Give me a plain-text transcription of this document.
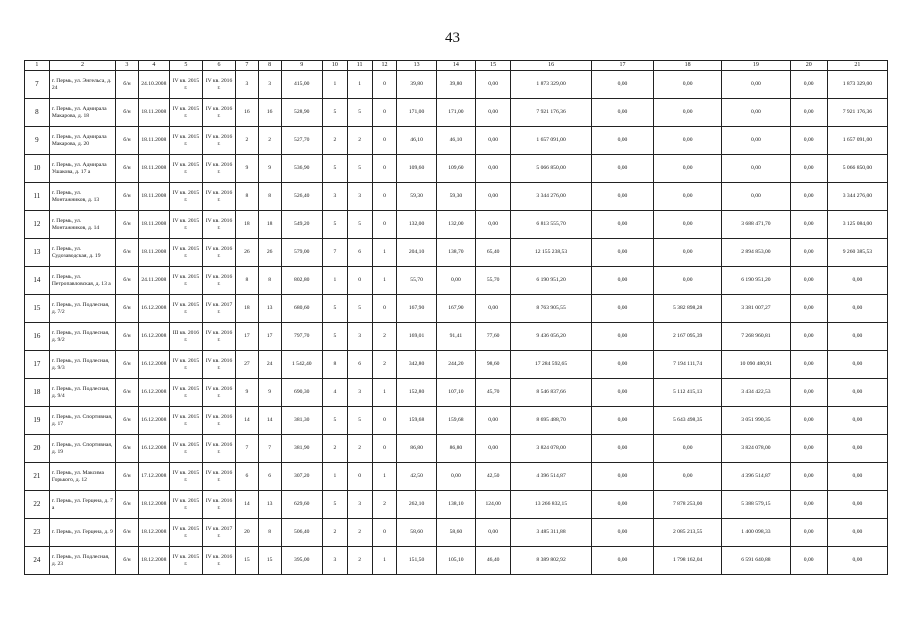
43
1	2	3	4	5	6	7	8	9	10	11	12	13	14	15	16	17	18	19	20	21
7	г. Пермь, ул. Энгельса, д. 24	б/н	24.10.2008	IV кв. 2015 г.	IV кв. 2016 г.	3	3	415,00	1	1	0	39,80	39,80	0,00	1 873 329,00	0,00	0,00	0,00	0,00	1 873 329,00
8	г. Пермь, ул. Адмирала Макарова, д. 18	б/н	18.11.2008	IV кв. 2015 г.	IV кв. 2016 г.	16	16	528,90	5	5	0	171,00	171,00	0,00	7 921 176,36	0,00	0,00	0,00	0,00	7 921 176,36
9	г. Пермь, ул. Адмирала Макарова, д. 20	б/н	18.11.2008	IV кв. 2015 г.	IV кв. 2016 г.	2	2	527,70	2	2	0	46,10	46,10	0,00	1 657 091,00	0,00	0,00	0,00	0,00	1 657 091,00
10	г. Пермь, ул. Адмирала Ушакова, д. 17 а	б/н	18.11.2008	IV кв. 2015 г.	IV кв. 2016 г.	9	9	536,90	5	5	0	109,60	109,60	0,00	5 066 850,00	0,00	0,00	0,00	0,00	5 066 850,00
11	г. Пермь, ул. Монтажников, д. 13	б/н	18.11.2008	IV кв. 2015 г.	IV кв. 2016 г.	8	8	526,40	3	3	0	59,30	59,30	0,00	3 344 276,00	0,00	0,00	0,00	0,00	3 344 276,00
12	г. Пермь, ул. Монтажников, д. 14	б/н	18.11.2008	IV кв. 2015 г.	IV кв. 2016 г.	18	18	549,20	5	5	0	132,00	132,00	0,00	6 813 555,70	0,00	0,00	3 688 471,70	0,00	3 125 084,00
13	г. Пермь, ул. Судозаводская, д. 19	б/н	18.11.2008	IV кв. 2015 г.	IV кв. 2016 г.	26	26	579,00	7	6	1	204,10	138,70	65,40	12 155 238,53	0,00	0,00	2 894 853,00	0,00	9 260 385,53
14	г. Пермь, ул. Петропавловская, д. 13 а	б/н	24.11.2008	IV кв. 2015 г.	IV кв. 2016 г.	8	8	802,80	1	0	1	55,70	0,00	55,70	6 190 951,20	0,00	0,00	6 190 951,20	0,00	0,00
15	г. Пермь, ул. Подлесная, д. 7/2	б/н	16.12.2008	IV кв. 2015 г.	IV кв. 2017 г.	18	13	680,60	5	5	0	167,90	167,90	0,00	8 763 905,55	0,00	5 382 898,28	3 381 007,27	0,00	0,00
16	г. Пермь, ул. Подлесная, д. 9/2	б/н	16.12.2008	III кв. 2016 г.	IV кв. 2016 г.	17	17	797,70	5	3	2	169,01	91,41	77,60	9 436 056,20	0,00	2 167 095,39	7 268 960,81	0,00	0,00
17	г. Пермь, ул. Подлесная, д. 9/3	б/н	16.12.2008	IV кв. 2015 г.	IV кв. 2016 г.	27	24	1 542,40	8	6	2	342,80	244,20	98,60	17 284 592,65	0,00	7 194 111,74	10 090 480,91	0,00	0,00
18	г. Пермь, ул. Подлесная, д. 9/4	б/н	16.12.2008	IV кв. 2015 г.	IV кв. 2016 г.	9	9	690,30	4	3	1	152,80	107,10	45,70	8 546 837,66	0,00	5 112 415,13	3 434 422,53	0,00	0,00
19	г. Пермь, ул. Спортивная, д. 17	б/н	16.12.2008	IV кв. 2015 г.	IV кв. 2016 г.	14	14	381,30	5	5	0	159,68	159,68	0,00	8 695 488,70	0,00	5 643 498,35	3 051 990,35	0,00	0,00
20	г. Пермь, ул. Спортивная, д. 19	б/н	16.12.2008	IV кв. 2015 г.	IV кв. 2016 г.	7	7	381,90	2	2	0	86,80	86,80	0,00	3 824 078,00	0,00	0,00	3 824 078,00	0,00	0,00
21	г. Пермь, ул. Максима Горького, д. 12	б/н	17.12.2008	IV кв. 2015 г.	IV кв. 2016 г.	6	6	307,20	1	0	1	42,50	0,00	42,50	4 396 514,87	0,00	0,00	4 396 514,87	0,00	0,00
22	г. Пермь, ул. Герцена, д. 7 а	б/н	18.12.2008	IV кв. 2015 г.	IV кв. 2016 г.	14	13	629,60	5	3	2	262,10	138,10	124,00	13 266 832,15	0,00	7 878 253,00	5 388 579,15	0,00	0,00
23	г. Пермь, ул. Герцена, д. 9	б/н	18.12.2008	IV кв. 2015 г.	IV кв. 2017 г.	20	8	506,40	2	2	0	58,60	58,60	0,00	3 485 311,88	0,00	2 085 213,55	1 400 098,33	0,00	0,00
24	г. Пермь, ул. Подлесная, д. 23	б/н	18.12.2008	IV кв. 2015 г.	IV кв. 2016 г.	15	15	395,00	3	2	1	151,50	105,10	46,40	8 389 802,92	0,00	1 798 162,04	6 591 640,88	0,00	0,00
